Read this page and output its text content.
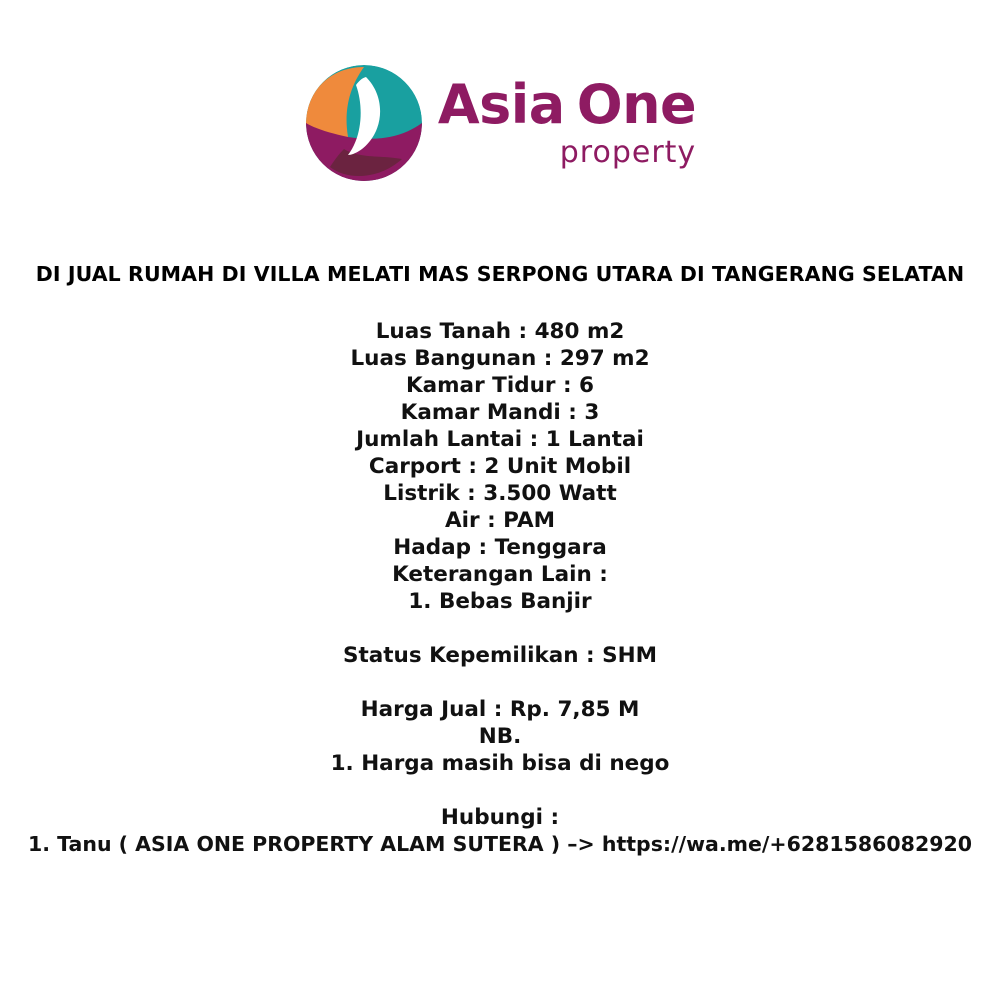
Asia One
property
DI JUAL RUMAH DI VILLA MELATI MAS SERPONG UTARA DI TANGERANG SELATAN
Luas Tanah : 480 m2
Luas Bangunan : 297 m2
Kamar Tidur : 6
Kamar Mandi : 3
Jumlah Lantai : 1 Lantai
Carport : 2 Unit Mobil
Listrik : 3.500 Watt
Air : PAM
Hadap : Tenggara
Keterangan Lain :
1. Bebas Banjir
Status Kepemilikan : SHM
Harga Jual : Rp. 7,85 M
NB.
1. Harga masih bisa di nego
Hubungi :
1. Tanu ( ASIA ONE PROPERTY ALAM SUTERA ) –> https://wa.me/+6281586082920
